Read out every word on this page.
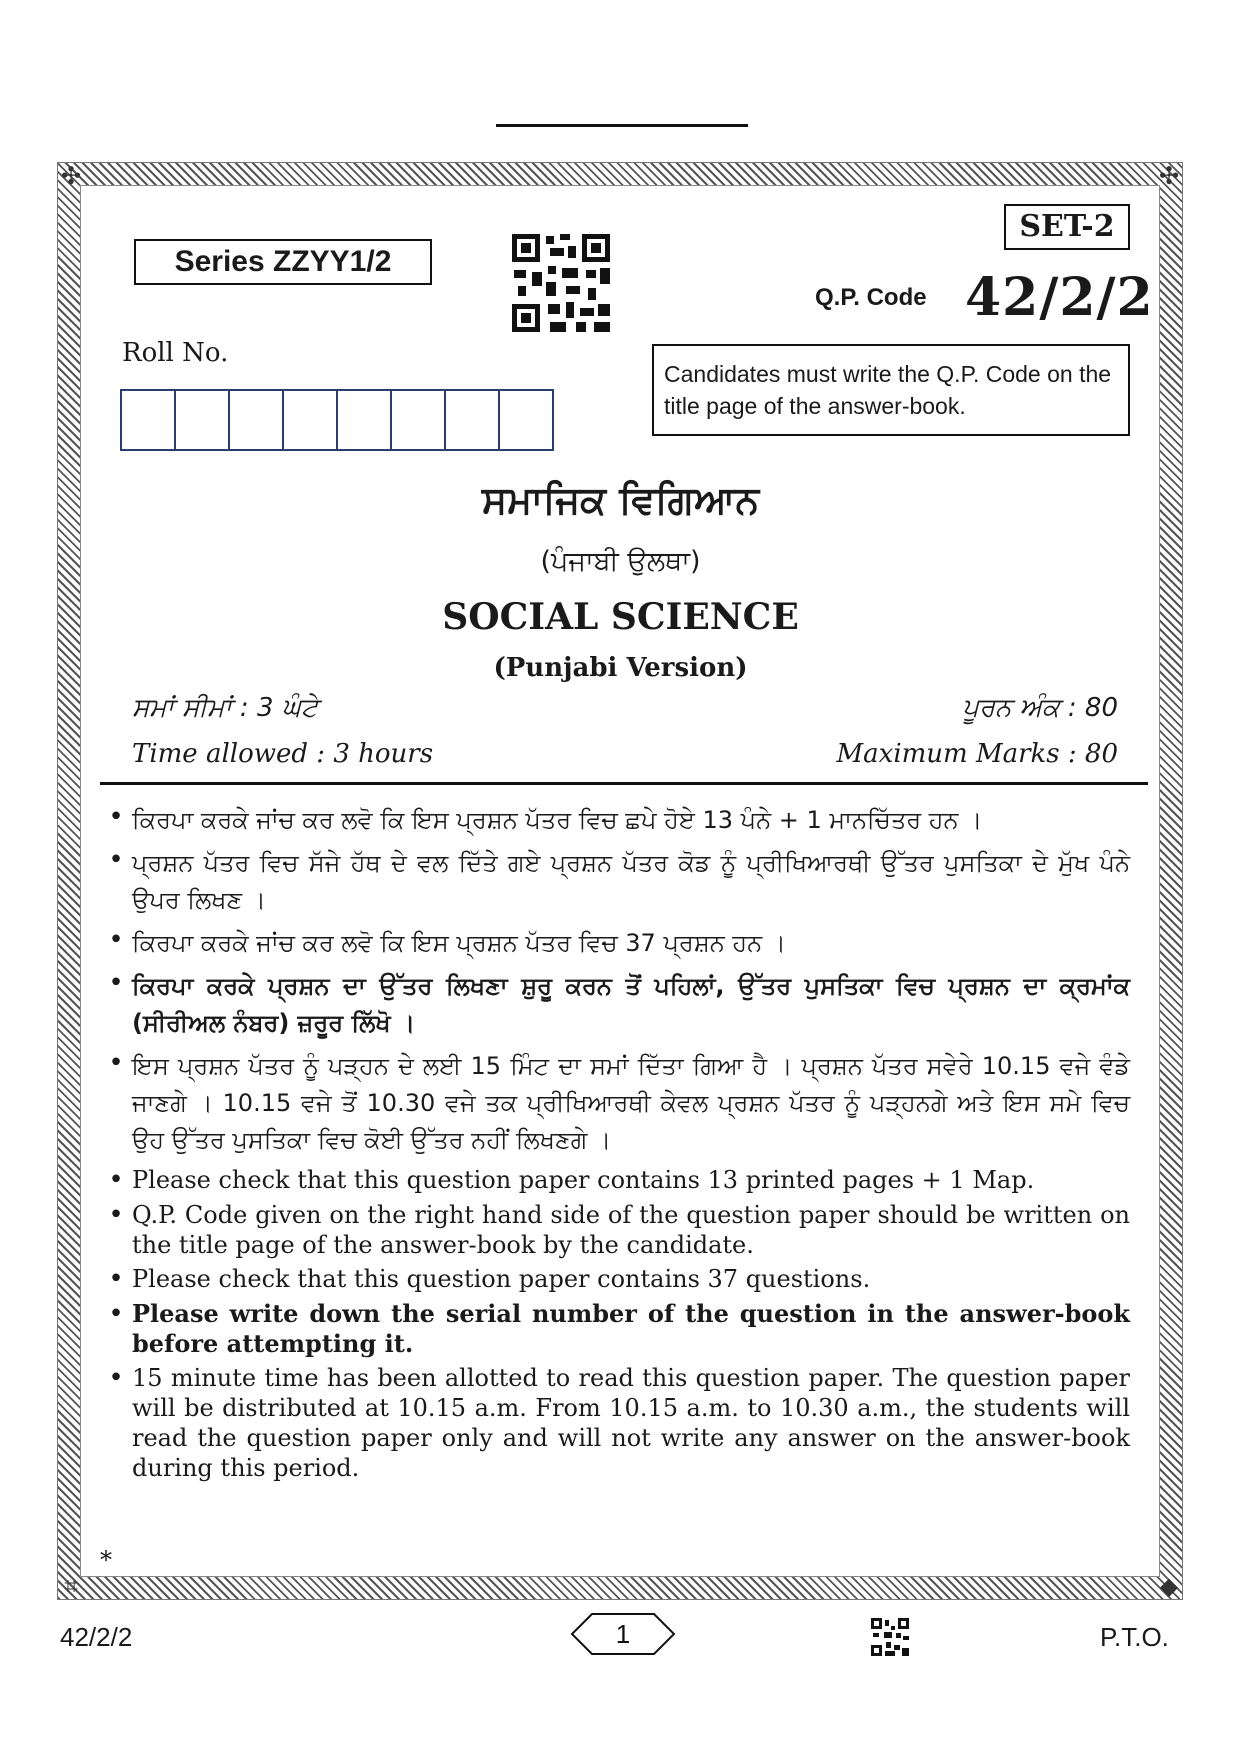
✣	✣
⌗	◆
SET-2
Series ZZYY1/2
Q.P. Code 42/2/2
Roll No.
Candidates must write the Q.P. Code on the title page of the answer-book.
ਸਮਾਜਿਕ ਵਿਗਿਆਨ
(ਪੰਜਾਬੀ ਉਲਥਾ)
SOCIAL SCIENCE
(Punjabi Version)
ਸਮਾਂ ਸੀਮਾਂ : 3 ਘੰਟੇ	ਪੂਰਨ ਅੰਕ : 80
Time allowed : 3 hours	Maximum Marks : 80
• ਕਿਰਪਾ ਕਰਕੇ ਜਾਂਚ ਕਰ ਲਵੋ ਕਿ ਇਸ ਪ੍ਰਸ਼ਨ ਪੱਤਰ ਵਿਚ ਛਪੇ ਹੋਏ 13 ਪੰਨੇ + 1 ਮਾਨਚਿੱਤਰ ਹਨ ।
• ਪ੍ਰਸ਼ਨ ਪੱਤਰ ਵਿਚ ਸੱਜੇ ਹੱਥ ਦੇ ਵਲ ਦਿੱਤੇ ਗਏ ਪ੍ਰਸ਼ਨ ਪੱਤਰ ਕੋਡ ਨੂੰ ਪ੍ਰੀਖਿਆਰਥੀ ਉੱਤਰ ਪੁਸਤਿਕਾ ਦੇ ਮੁੱਖ ਪੰਨੇ ਉਪਰ ਲਿਖਣ ।
• ਕਿਰਪਾ ਕਰਕੇ ਜਾਂਚ ਕਰ ਲਵੋ ਕਿ ਇਸ ਪ੍ਰਸ਼ਨ ਪੱਤਰ ਵਿਚ 37 ਪ੍ਰਸ਼ਨ ਹਨ ।
• ਕਿਰਪਾ ਕਰਕੇ ਪ੍ਰਸ਼ਨ ਦਾ ਉੱਤਰ ਲਿਖਣਾ ਸ਼ੁਰੂ ਕਰਨ ਤੋਂ ਪਹਿਲਾਂ, ਉੱਤਰ ਪੁਸਤਿਕਾ ਵਿਚ ਪ੍ਰਸ਼ਨ ਦਾ ਕ੍ਰਮਾਂਕ (ਸੀਰੀਅਲ ਨੰਬਰ) ਜ਼ਰੂਰ ਲਿੱਖੋ ।
• ਇਸ ਪ੍ਰਸ਼ਨ ਪੱਤਰ ਨੂੰ ਪੜ੍ਹਨ ਦੇ ਲਈ 15 ਮਿੰਟ ਦਾ ਸਮਾਂ ਦਿੱਤਾ ਗਿਆ ਹੈ । ਪ੍ਰਸ਼ਨ ਪੱਤਰ ਸਵੇਰੇ 10.15 ਵਜੇ ਵੰਡੇ ਜਾਣਗੇ । 10.15 ਵਜੇ ਤੋਂ 10.30 ਵਜੇ ਤਕ ਪ੍ਰੀਖਿਆਰਥੀ ਕੇਵਲ ਪ੍ਰਸ਼ਨ ਪੱਤਰ ਨੂੰ ਪੜ੍ਹਨਗੇ ਅਤੇ ਇਸ ਸਮੇ ਵਿਚ ਉਹ ਉੱਤਰ ਪੁਸਤਿਕਾ ਵਿਚ ਕੋਈ ਉੱਤਰ ਨਹੀਂ ਲਿਖਣਗੇ ।
• Please check that this question paper contains 13 printed pages + 1 Map.
• Q.P. Code given on the right hand side of the question paper should be written on the title page of the answer-book by the candidate.
• Please check that this question paper contains 37 questions.
• Please write down the serial number of the question in the answer-book before attempting it.
• 15 minute time has been allotted to read this question paper. The question paper will be distributed at 10.15 a.m. From 10.15 a.m. to 10.30 a.m., the students will read the question paper only and will not write any answer on the answer-book during this period.
*
42/2/2	1	P.T.O.
